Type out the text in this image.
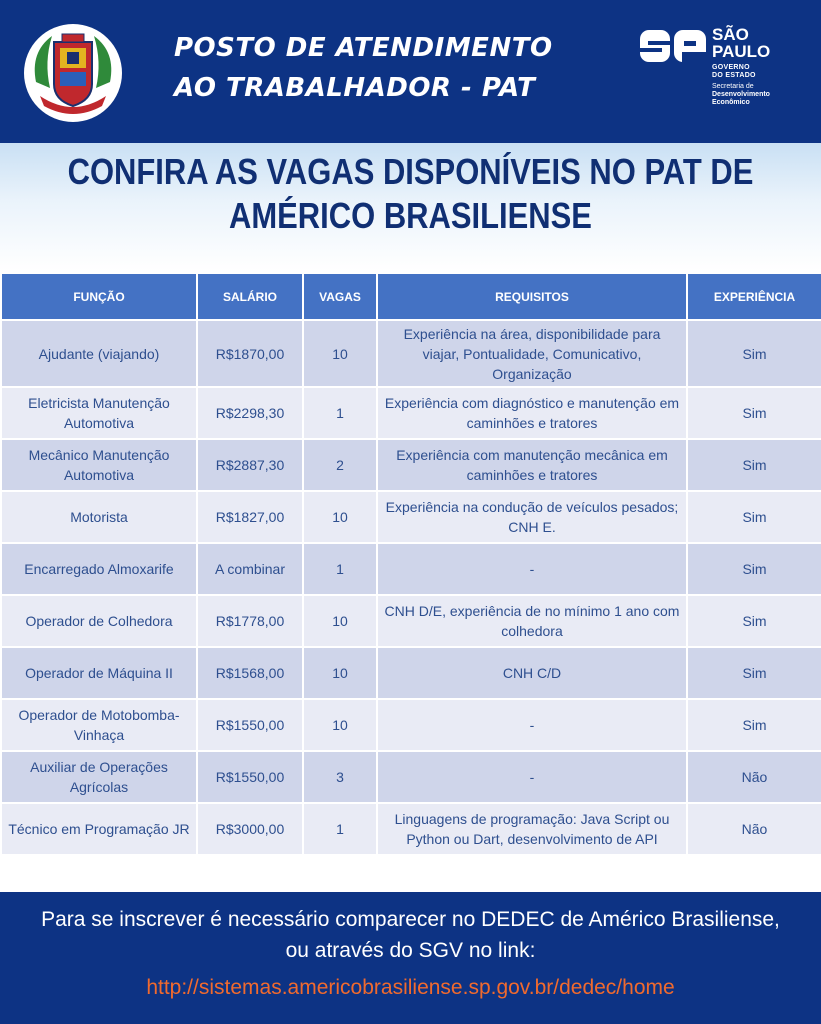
POSTO DE ATENDIMENTO
AO TRABALHADOR - PAT
SÃO
PAULO
GOVERNO
DO ESTADO
Secretaria de
Desenvolvimento
Econômico
CONFIRA AS VAGAS DISPONÍVEIS NO PAT DE
AMÉRICO BRASILIENSE
FUNÇÃO	SALÁRIO	VAGAS	REQUISITOS	EXPERIÊNCIA
Ajudante (viajando)	R$1870,00	10	Experiência na área, disponibilidade para viajar, Pontualidade, Comunicativo, Organização	Sim
Eletricista Manutenção Automotiva	R$2298,30	1	Experiência com diagnóstico e manutenção em caminhões e tratores	Sim
Mecânico Manutenção Automotiva	R$2887,30	2	Experiência com manutenção mecânica em caminhões e tratores	Sim
Motorista	R$1827,00	10	Experiência na condução de veículos pesados; CNH E.	Sim
Encarregado Almoxarife	A combinar	1	-	Sim
Operador de Colhedora	R$1778,00	10	CNH D/E, experiência de no mínimo 1 ano com colhedora	Sim
Operador de Máquina II	R$1568,00	10	CNH C/D	Sim
Operador de Motobomba-Vinhaça	R$1550,00	10	-	Sim
Auxiliar de Operações Agrícolas	R$1550,00	3	-	Não
Técnico em Programação JR	R$3000,00	1	Linguagens de programação: Java Script ou Python ou Dart, desenvolvimento de API	Não
Para se inscrever é necessário comparecer no DEDEC de Américo Brasiliense,
ou através do SGV no link:
http://sistemas.americobrasiliense.sp.gov.br/dedec/home
